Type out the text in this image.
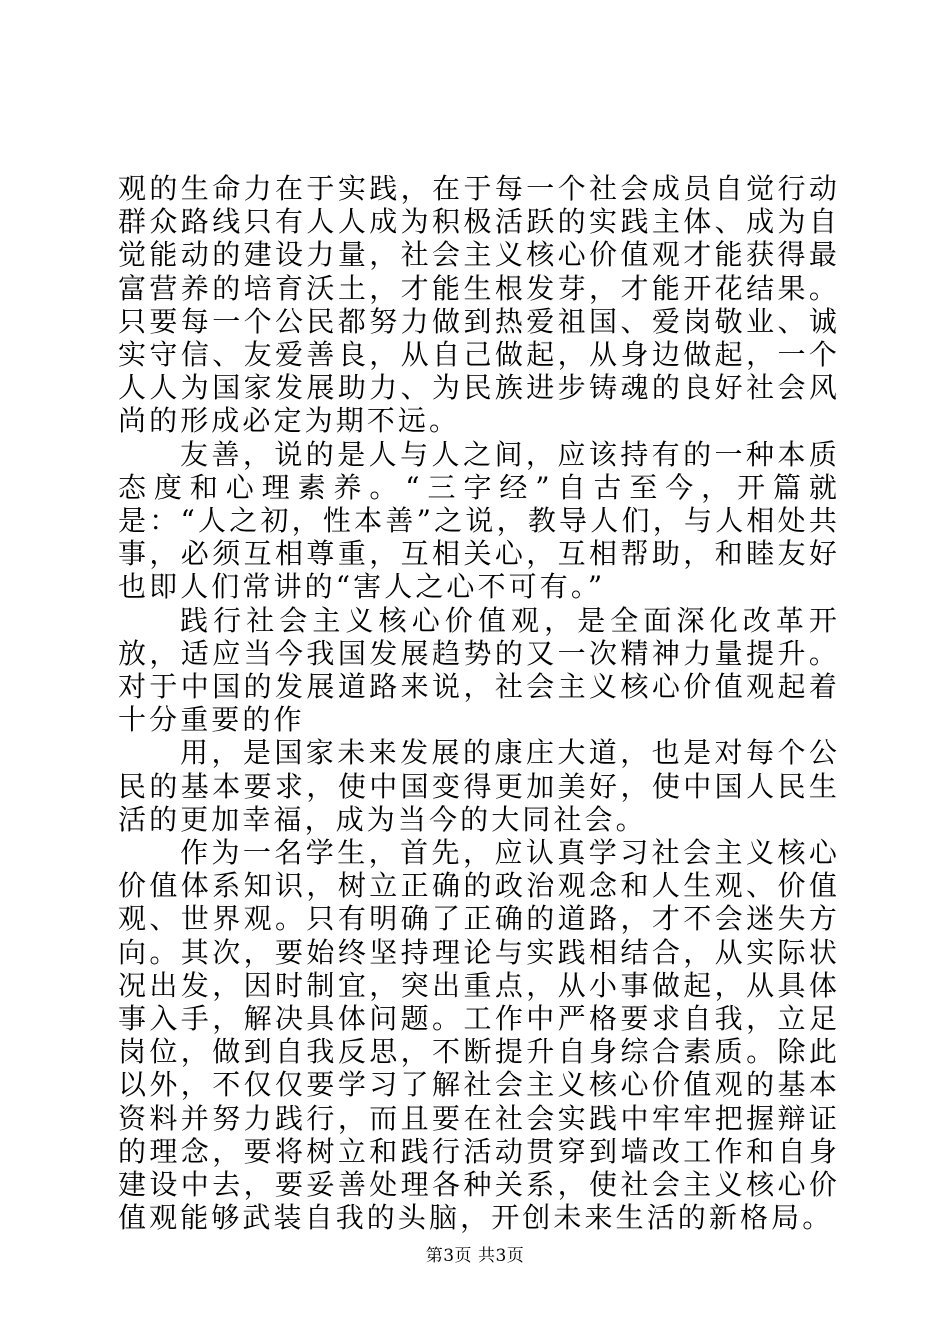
观的生命力在于实践，在于每一个社会成员自觉行动群众路线只有人人成为积极活跃的实践主体、成为自觉能动的建设力量，社会主义核心价值观才能获得最富营养的培育沃土，才能生根发芽，才能开花结果。只要每一个公民都努力做到热爱祖国、爱岗敬业、诚实守信、友爱善良，从自己做起，从身边做起，一个人人为国家发展助力、为民族进步铸魂的良好社会风尚的形成必定为期不远。

友善，说的是人与人之间，应该持有的一种本质态度和心理素养。“三字经”自古至今，开篇就是：“人之初，性本善”之说，教导人们，与人相处共事，必须互相尊重，互相关心，互相帮助，和睦友好也即人们常讲的“害人之心不可有。”

践行社会主义核心价值观，是全面深化改革开放，适应当今我国发展趋势的又一次精神力量提升。对于中国的发展道路来说，社会主义核心价值观起着十分重要的作

用，是国家未来发展的康庄大道，也是对每个公民的基本要求，使中国变得更加美好，使中国人民生活的更加幸福，成为当今的大同社会。

作为一名学生，首先，应认真学习社会主义核心价值体系知识，树立正确的政治观念和人生观、价值观、世界观。只有明确了正确的道路，才不会迷失方向。其次，要始终坚持理论与实践相结合，从实际状况出发，因时制宜，突出重点，从小事做起，从具体事入手，解决具体问题。工作中严格要求自我，立足岗位，做到自我反思，不断提升自身综合素质。除此以外，不仅仅要学习了解社会主义核心价值观的基本资料并努力践行，而且要在社会实践中牢牢把握辩证的理念，要将树立和践行活动贯穿到墙改工作和自身建设中去，要妥善处理各种关系，使社会主义核心价值观能够武装自我的头脑，开创未来生活的新格局。

第3页 共3页
